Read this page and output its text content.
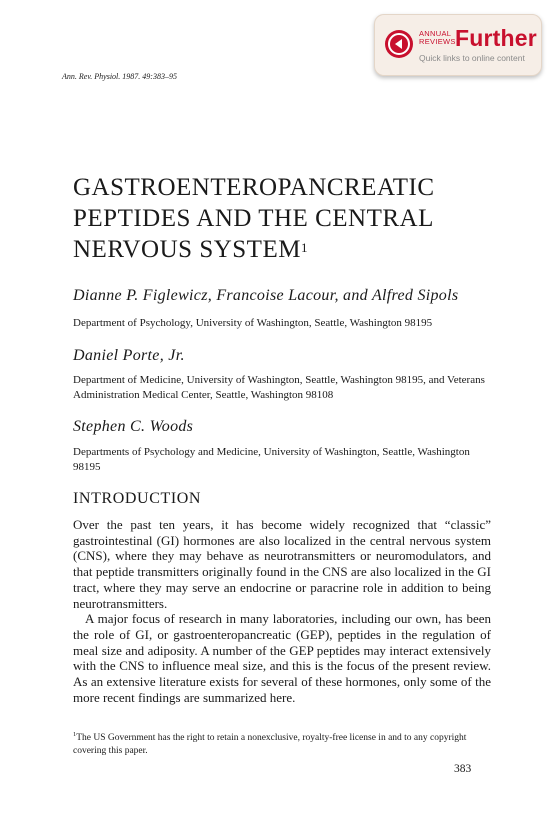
ANNUAL
REVIEWS Further
Quick links to online content
Ann. Rev. Physiol. 1987. 49:383–95
GASTROENTEROPANCREATIC
PEPTIDES AND THE CENTRAL
NERVOUS SYSTEM$^1$
Dianne P. Figlewicz, Francoise Lacour, and Alfred Sipols
Department of Psychology, University of Washington, Seattle, Washington 98195
Daniel Porte, Jr.
Department of Medicine, University of Washington, Seattle, Washington 98195, and Veterans Administration Medical Center, Seattle, Washington 98108
Stephen C. Woods
Departments of Psychology and Medicine, University of Washington, Seattle, Washington 98195
INTRODUCTION

Over the past ten years, it has become widely recognized that “classic” gastrointestinal (GI) hormones are also localized in the central nervous system (CNS), where they may behave as neurotransmitters or neuromodulators, and that peptide transmitters originally found in the CNS are also localized in the GI tract, where they may serve an endocrine or paracrine role in addition to being neurotransmitters.

A major focus of research in many laboratories, including our own, has been the role of GI, or gastroenteropancreatic (GEP), peptides in the regulation of meal size and adiposity. A number of the GEP peptides may interact extensively with the CNS to influence meal size, and this is the focus of the present review. As an extensive literature exists for several of these hormones, only some of the more recent findings are summarized here.

$^1$The US Government has the right to retain a nonexclusive, royalty-free license in and to any copyright covering this paper.
383
